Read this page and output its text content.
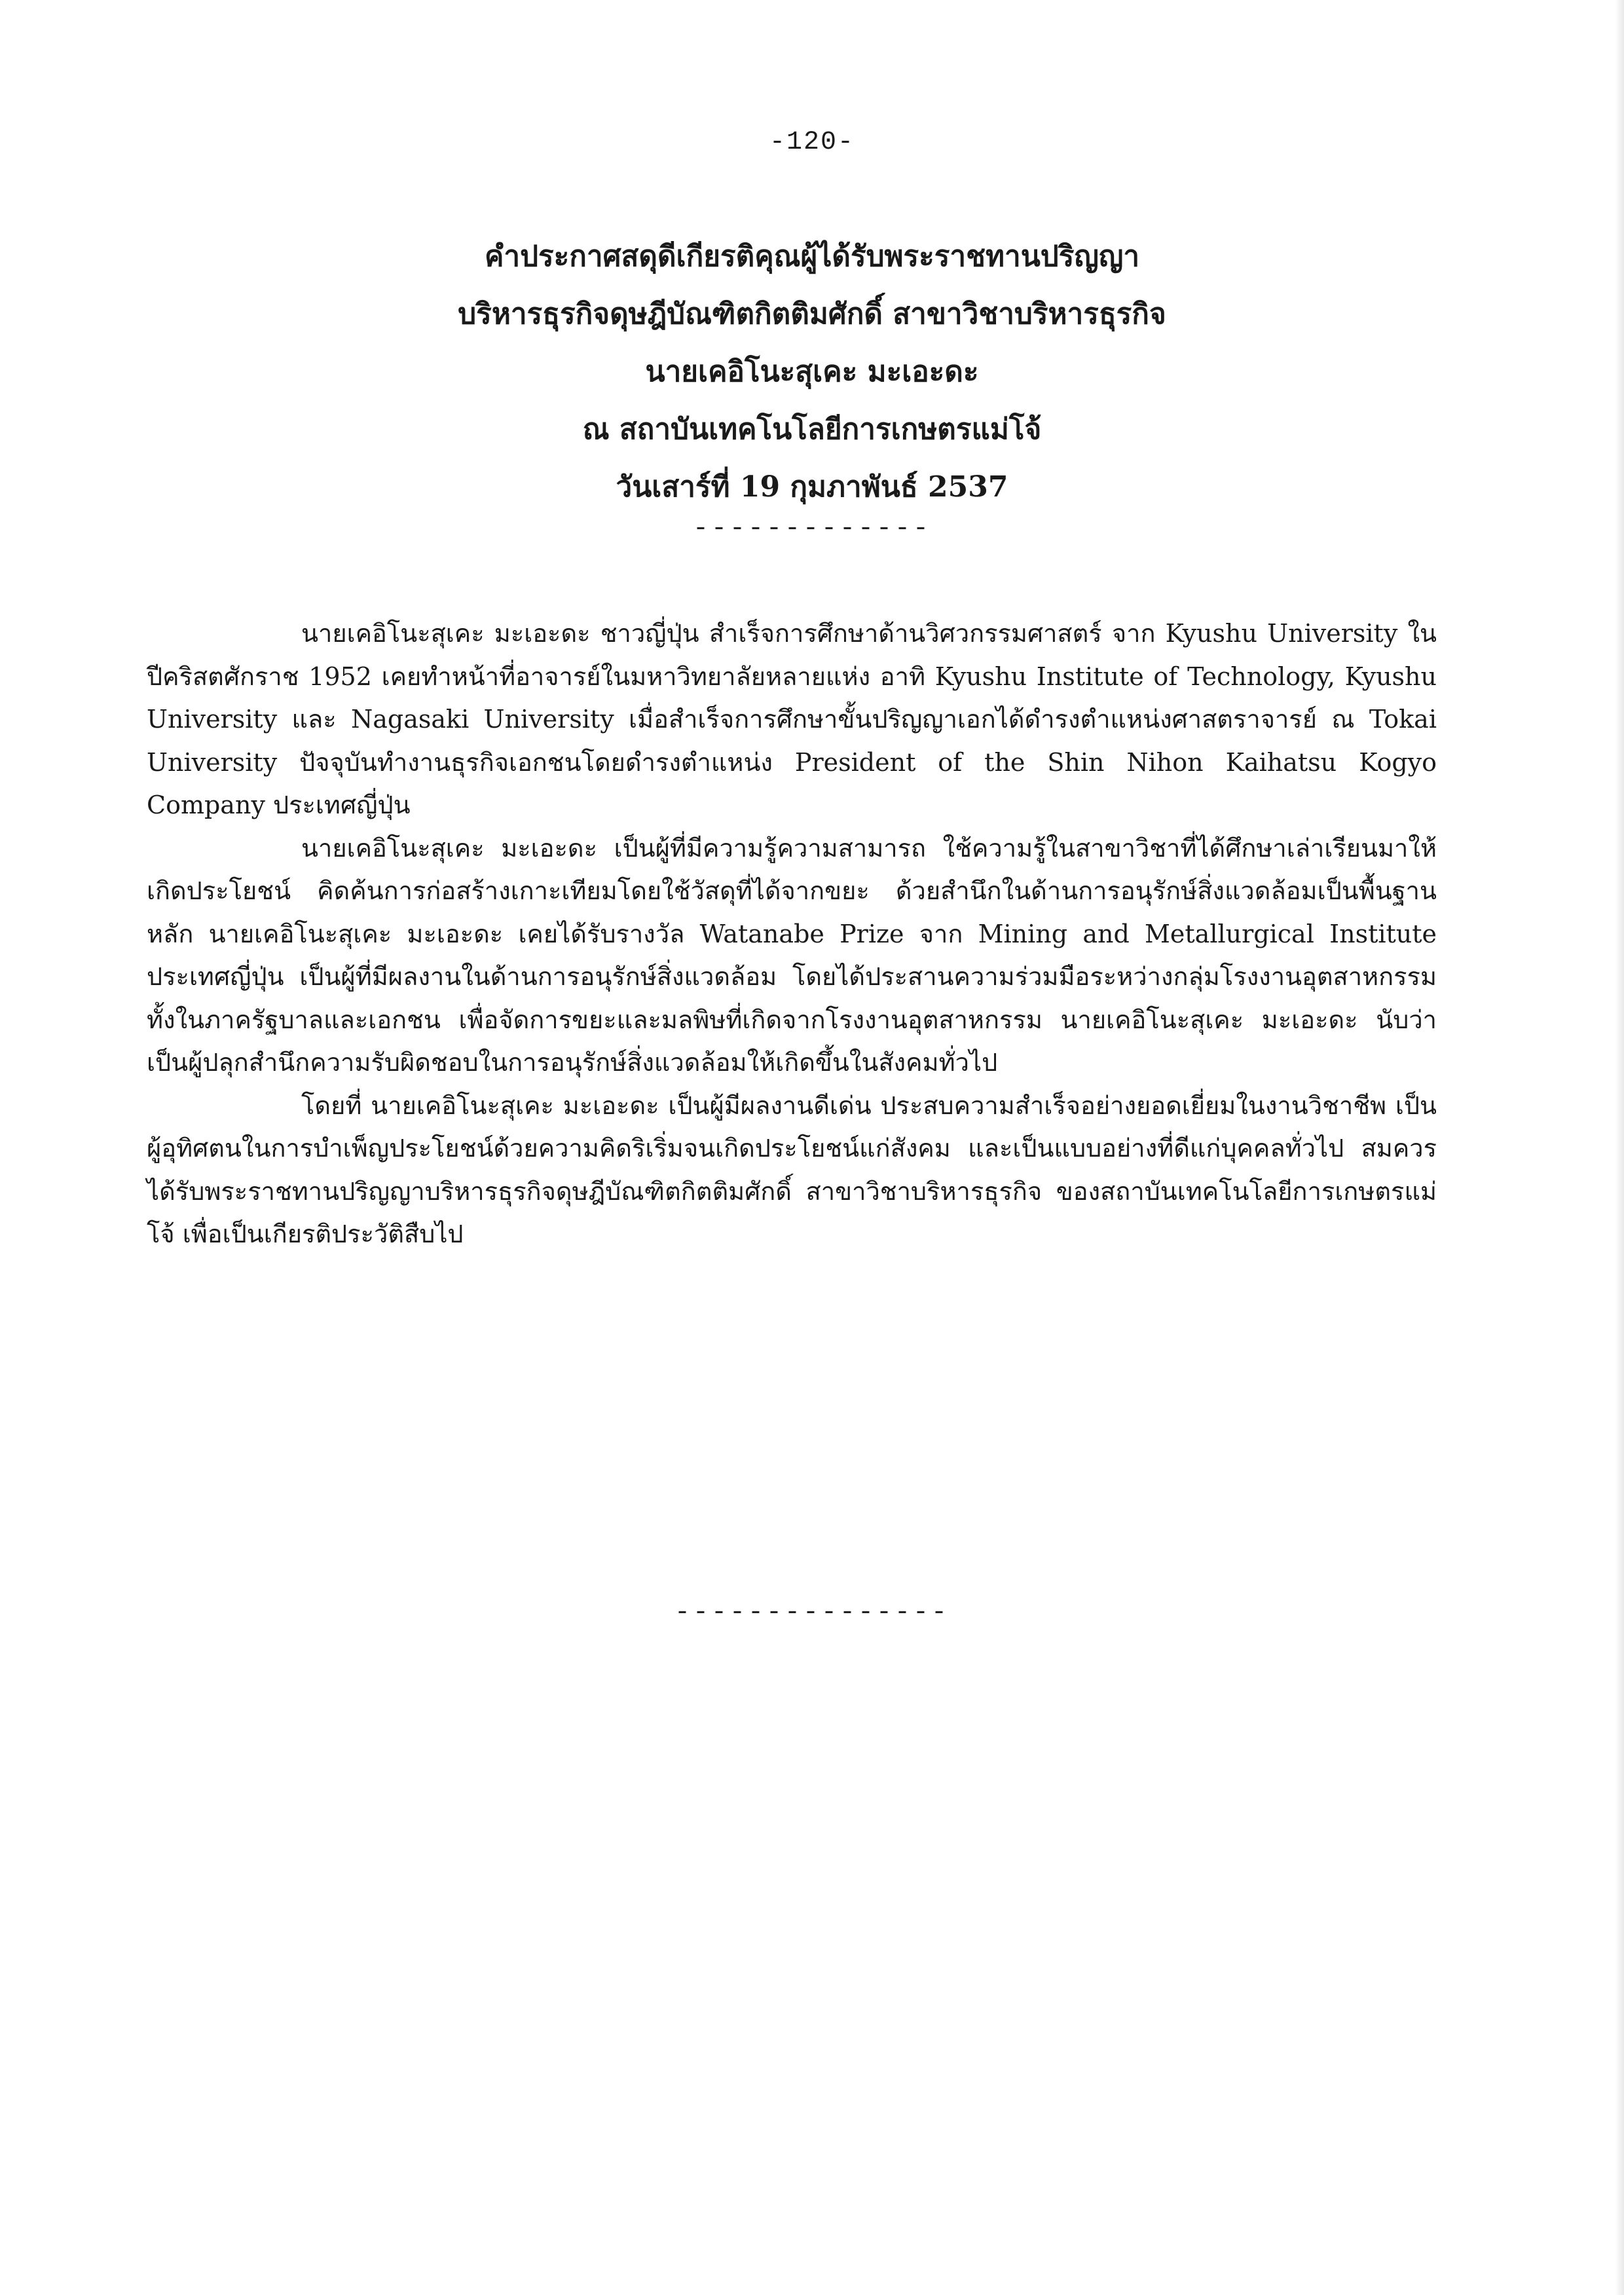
-120-
คำประกาศสดุดีเกียรติคุณผู้ได้รับพระราชทานปริญญา
บริหารธุรกิจดุษฎีบัณฑิตกิตติมศักดิ์ สาขาวิชาบริหารธุรกิจ
นายเคอิโนะสุเคะ มะเอะดะ
ณ สถาบันเทคโนโลยีการเกษตรแม่โจ้
วันเสาร์ที่ 19 กุมภาพันธ์ 2537
-------------

นายเคอิโนะสุเคะ มะเอะดะ ชาวญี่ปุ่น สำเร็จการศึกษาด้านวิศวกรรมศาสตร์ จาก Kyushu University ในปีคริสตศักราช 1952 เคยทำหน้าที่อาจารย์ในมหาวิทยาลัยหลายแห่ง อาทิ Kyushu Institute of Technology, Kyushu University และ Nagasaki University เมื่อสำเร็จการศึกษาขั้นปริญญาเอกได้ดำรงตำแหน่งศาสตราจารย์ ณ Tokai University ปัจจุบันทำงานธุรกิจเอกชนโดยดำรงตำแหน่ง President of the Shin Nihon Kaihatsu Kogyo Company ประเทศญี่ปุ่น

นายเคอิโนะสุเคะ มะเอะดะ เป็นผู้ที่มีความรู้ความสามารถ ใช้ความรู้ในสาขาวิชาที่ได้ศึกษาเล่าเรียนมาให้เกิดประโยชน์ คิดค้นการก่อสร้างเกาะเทียมโดยใช้วัสดุที่ได้จากขยะ ด้วยสำนึกในด้านการอนุรักษ์สิ่งแวดล้อมเป็นพื้นฐานหลัก นายเคอิโนะสุเคะ มะเอะดะ เคยได้รับรางวัล Watanabe Prize จาก Mining and Metallurgical Institute ประเทศญี่ปุ่น เป็นผู้ที่มีผลงานในด้านการอนุรักษ์สิ่งแวดล้อม โดยได้ประสานความร่วมมือระหว่างกลุ่มโรงงานอุตสาหกรรมทั้งในภาครัฐบาลและเอกชน เพื่อจัดการขยะและมลพิษที่เกิดจากโรงงานอุตสาหกรรม นายเคอิโนะสุเคะ มะเอะดะ นับว่าเป็นผู้ปลุกสำนึกความรับผิดชอบในการอนุรักษ์สิ่งแวดล้อมให้เกิดขึ้นในสังคมทั่วไป

โดยที่ นายเคอิโนะสุเคะ มะเอะดะ เป็นผู้มีผลงานดีเด่น ประสบความสำเร็จอย่างยอดเยี่ยมในงานวิชาชีพ เป็นผู้อุทิศตนในการบำเพ็ญประโยชน์ด้วยความคิดริเริ่มจนเกิดประโยชน์แก่สังคม และเป็นแบบอย่างที่ดีแก่บุคคลทั่วไป สมควรได้รับพระราชทานปริญญาบริหารธุรกิจดุษฎีบัณฑิตกิตติมศักดิ์ สาขาวิชาบริหารธุรกิจ ของสถาบันเทคโนโลยีการเกษตรแม่โจ้ เพื่อเป็นเกียรติประวัติสืบไป

---------------
